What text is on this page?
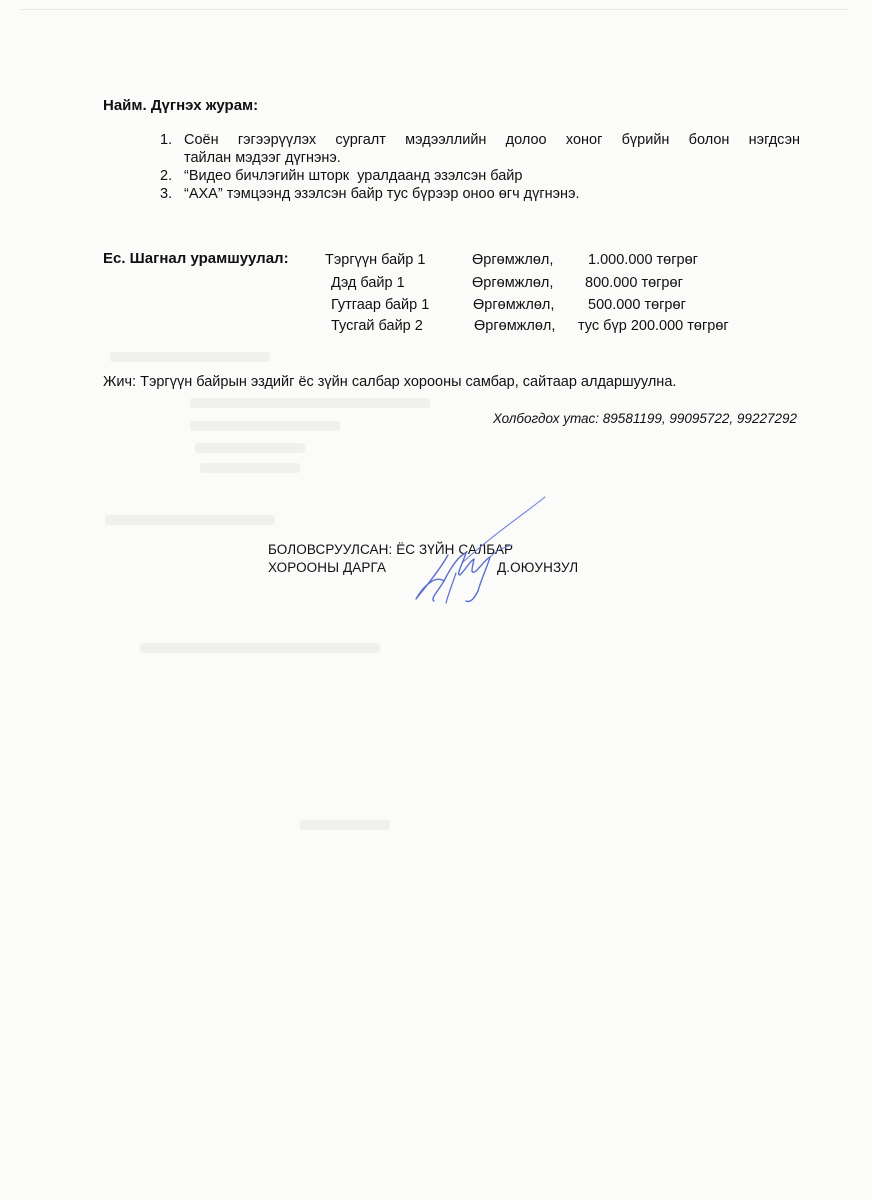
Найм. Дүгнэх журам:
1. Соён гэгээрүүлэх сургалт мэдээллийн долоо хоног бүрийн болон нэгдсэн
тайлан мэдээг дүгнэнэ.
2. “Видео бичлэгийн шторк  уралдаанд эзэлсэн байр
3. “АХА” тэмцээнд эзэлсэн байр тус бүрээр оноо өгч дүгнэнэ.
Ес. Шагнал урамшуулал:	Тэргүүн байр 1	Өргөмжлөл, 1.000.000 төгрөг
Дэд байр 1	Өргөмжлөл, 800.000 төгрөг
Гутгаар байр 1	Өргөмжлөл, 500.000 төгрөг
Тусгай байр 2	Өргөмжлөл, тус бүр 200.000 төгрөг
Жич: Тэргүүн байрын эздийг ёс зүйн салбар хорооны самбар, сайтаар алдаршуулна.
Холбогдох утас: 89581199, 99095722, 99227292
БОЛОВСРУУЛСАН: ЁС ЗҮЙН САЛБАР
ХОРООНЫ ДАРГА	Д.ОЮУНЗУЛ
